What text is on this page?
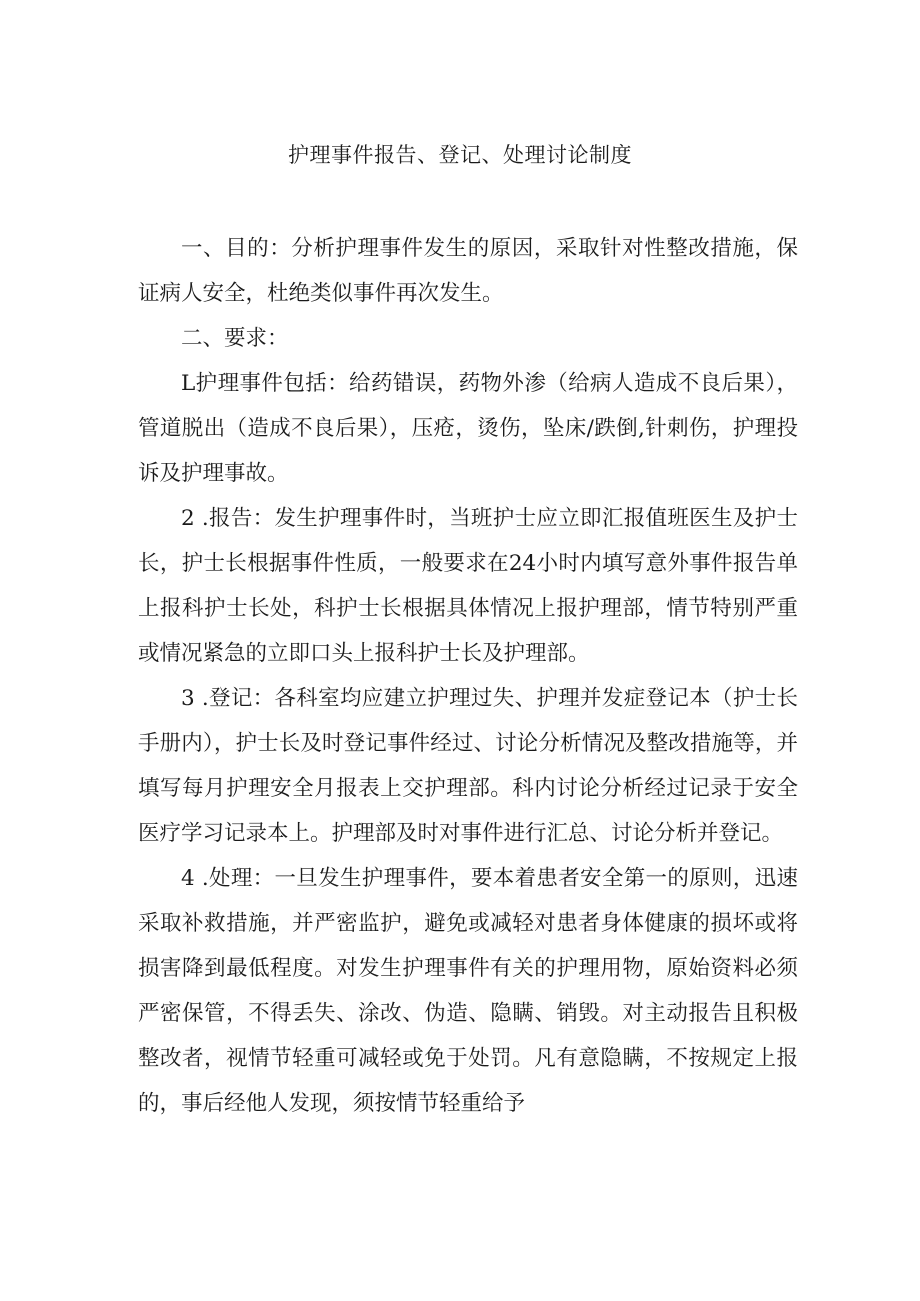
护理事件报告、登记、处理讨论制度

一、目的：分析护理事件发生的原因，采取针对性整改措施，保证病人安全，杜绝类似事件再次发生。

二、要求：

L护理事件包括：给药错误，药物外渗（给病人造成不良后果），管道脱出（造成不良后果），压疮，烫伤，坠床/跌倒,针刺伤，护理投诉及护理事故。

2 .报告：发生护理事件时，当班护士应立即汇报值班医生及护士长，护士长根据事件性质，一般要求在24小时内填写意外事件报告单上报科护士长处，科护士长根据具体情况上报护理部，情节特别严重或情况紧急的立即口头上报科护士长及护理部。

3 .登记：各科室均应建立护理过失、护理并发症登记本（护士长手册内），护士长及时登记事件经过、讨论分析情况及整改措施等，并填写每月护理安全月报表上交护理部。科内讨论分析经过记录于安全医疗学习记录本上。护理部及时对事件进行汇总、讨论分析并登记。

4 .处理：一旦发生护理事件，要本着患者安全第一的原则，迅速采取补救措施，并严密监护，避免或减轻对患者身体健康的损坏或将损害降到最低程度。对发生护理事件有关的护理用物，原始资料必须严密保管，不得丢失、涂改、伪造、隐瞒、销毁。对主动报告且积极整改者，视情节轻重可减轻或免于处罚。凡有意隐瞒，不按规定上报的，事后经他人发现，须按情节轻重给予
